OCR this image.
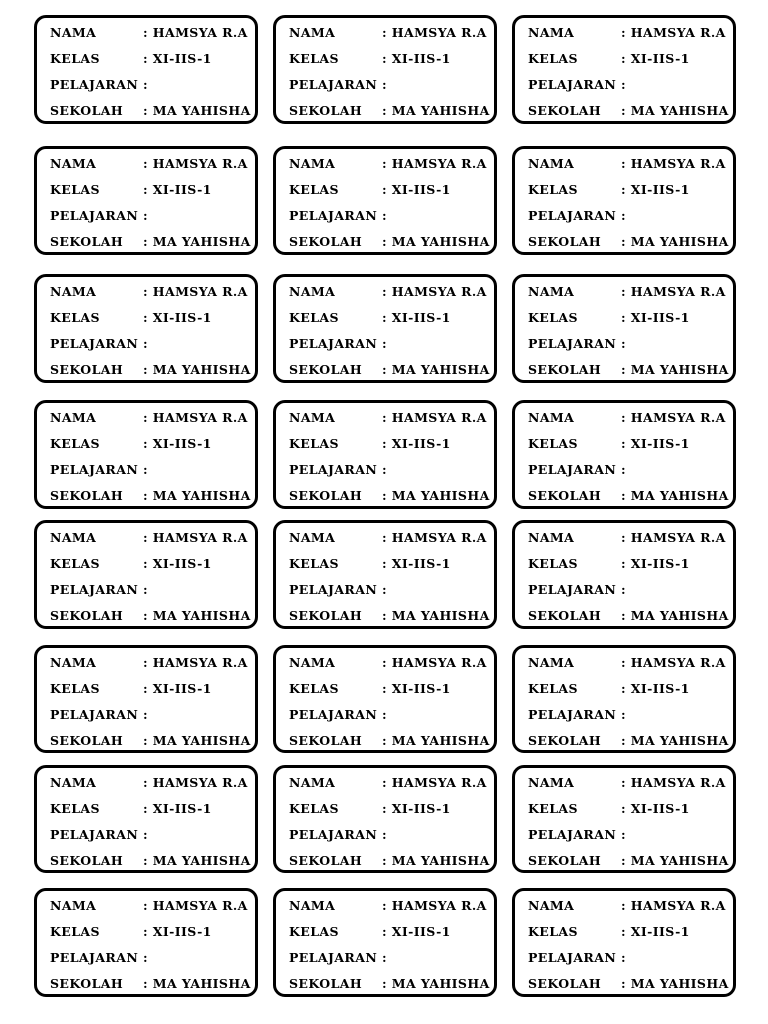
NAMA	: HAMSYA R.A
KELAS	: XI-IIS-1
PELAJARAN :
SEKOLAH : MA YAHISHA
NAMA	: HAMSYA R.A
KELAS	: XI-IIS-1
PELAJARAN :
SEKOLAH : MA YAHISHA
NAMA	: HAMSYA R.A
KELAS	: XI-IIS-1
PELAJARAN :
SEKOLAH : MA YAHISHA
NAMA	: HAMSYA R.A
KELAS	: XI-IIS-1
PELAJARAN :
SEKOLAH : MA YAHISHA
NAMA	: HAMSYA R.A
KELAS	: XI-IIS-1
PELAJARAN :
SEKOLAH : MA YAHISHA
NAMA	: HAMSYA R.A
KELAS	: XI-IIS-1
PELAJARAN :
SEKOLAH : MA YAHISHA
NAMA	: HAMSYA R.A
KELAS	: XI-IIS-1
PELAJARAN :
SEKOLAH : MA YAHISHA
NAMA	: HAMSYA R.A
KELAS	: XI-IIS-1
PELAJARAN :
SEKOLAH : MA YAHISHA
NAMA	: HAMSYA R.A
KELAS	: XI-IIS-1
PELAJARAN :
SEKOLAH : MA YAHISHA
NAMA	: HAMSYA R.A
KELAS	: XI-IIS-1
PELAJARAN :
SEKOLAH : MA YAHISHA
NAMA	: HAMSYA R.A
KELAS	: XI-IIS-1
PELAJARAN :
SEKOLAH : MA YAHISHA
NAMA	: HAMSYA R.A
KELAS	: XI-IIS-1
PELAJARAN :
SEKOLAH : MA YAHISHA
NAMA	: HAMSYA R.A
KELAS	: XI-IIS-1
PELAJARAN :
SEKOLAH : MA YAHISHA
NAMA	: HAMSYA R.A
KELAS	: XI-IIS-1
PELAJARAN :
SEKOLAH : MA YAHISHA
NAMA	: HAMSYA R.A
KELAS	: XI-IIS-1
PELAJARAN :
SEKOLAH : MA YAHISHA
NAMA	: HAMSYA R.A
KELAS	: XI-IIS-1
PELAJARAN :
SEKOLAH : MA YAHISHA
NAMA	: HAMSYA R.A
KELAS	: XI-IIS-1
PELAJARAN :
SEKOLAH : MA YAHISHA
NAMA	: HAMSYA R.A
KELAS	: XI-IIS-1
PELAJARAN :
SEKOLAH : MA YAHISHA
NAMA	: HAMSYA R.A
KELAS	: XI-IIS-1
PELAJARAN :
SEKOLAH : MA YAHISHA
NAMA	: HAMSYA R.A
KELAS	: XI-IIS-1
PELAJARAN :
SEKOLAH : MA YAHISHA
NAMA	: HAMSYA R.A
KELAS	: XI-IIS-1
PELAJARAN :
SEKOLAH : MA YAHISHA
NAMA	: HAMSYA R.A
KELAS	: XI-IIS-1
PELAJARAN :
SEKOLAH : MA YAHISHA
NAMA	: HAMSYA R.A
KELAS	: XI-IIS-1
PELAJARAN :
SEKOLAH : MA YAHISHA
NAMA	: HAMSYA R.A
KELAS	: XI-IIS-1
PELAJARAN :
SEKOLAH : MA YAHISHA
